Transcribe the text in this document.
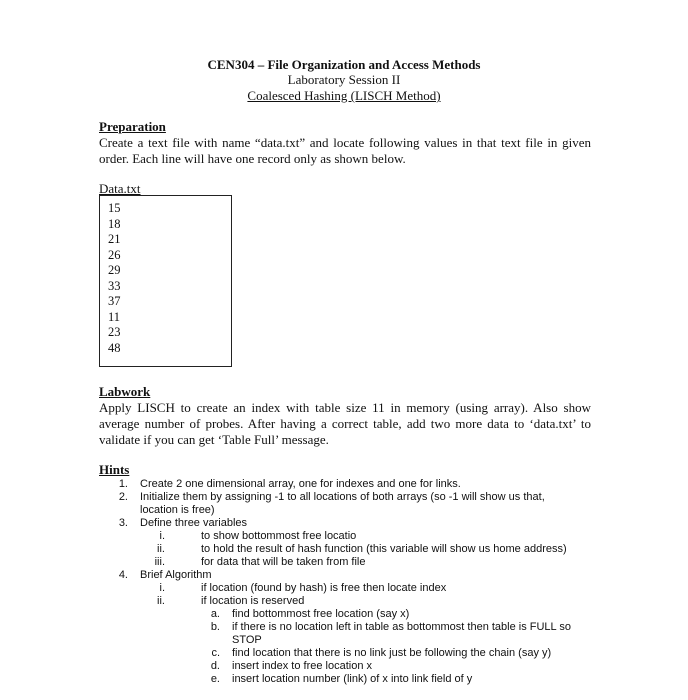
CEN304 – File Organization and Access Methods
Laboratory Session II
Coalesced Hashing (LISCH Method)
Preparation
Create a text file with name “data.txt” and locate following values in that text file in given order. Each line will have one record only as shown below.
Data.txt
15
18
21
26
29
33
37
11
23
48
Labwork
Apply LISCH to create an index with table size 11 in memory (using array). Also show average number of probes. After having a correct table, add two more data to ‘data.txt’ to validate if you can get ‘Table Full’ message.
Hints
1. Create 2 one dimensional array, one for indexes and one for links.
2. Initialize them by assigning -1 to all locations of both arrays (so -1 will show us that,
location is free)
3. Define three variables
i.	to show bottommost free locatio
ii.	to hold the result of hash function (this variable will show us home address)
iii.	for data that will be taken from file
4. Brief Algorithm
i.	if location (found by hash) is free then locate index
ii.	if location is reserved
a. find bottommost free location (say x)
b. if there is no location left in table as bottommost then table is FULL so
STOP
c. find location that there is no link just be following the chain (say y)
d. insert index to free location x
e. insert location number (link) of x into link field of y
